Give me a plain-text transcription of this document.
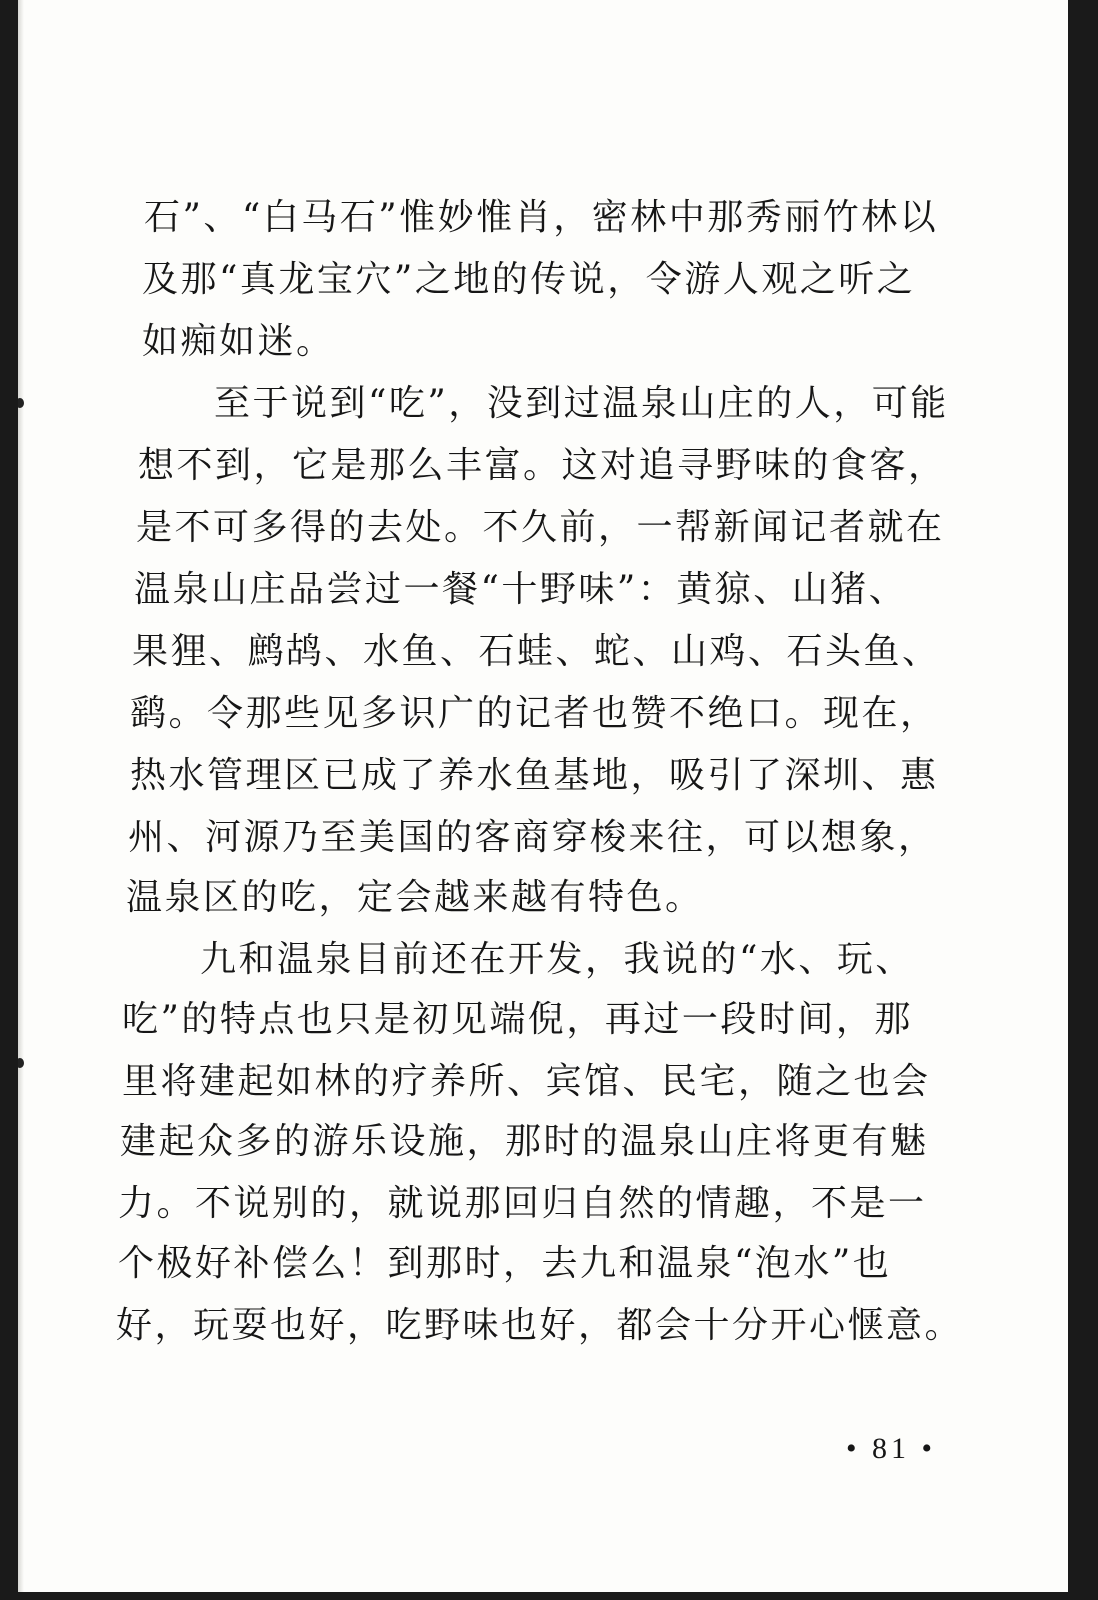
石”、“白马石”惟妙惟肖，密林中那秀丽竹林以
及那“真龙宝穴”之地的传说，令游人观之听之
如痴如迷。
至于说到“吃”，没到过温泉山庄的人，可能
想不到，它是那么丰富。这对追寻野味的食客，
是不可多得的去处。不久前，一帮新闻记者就在
温泉山庄品尝过一餐“十野味”：黄猄、山猪、
果狸、鹧鸪、水鱼、石蛙、蛇、山鸡、石头鱼、
鹞。令那些见多识广的记者也赞不绝口。现在，
热水管理区已成了养水鱼基地，吸引了深圳、惠
州、河源乃至美国的客商穿梭来往，可以想象，
温泉区的吃，定会越来越有特色。
九和温泉目前还在开发，我说的“水、玩、
吃”的特点也只是初见端倪，再过一段时间，那
里将建起如林的疗养所、宾馆、民宅，随之也会
建起众多的游乐设施，那时的温泉山庄将更有魅
力。不说别的，就说那回归自然的情趣，不是一
个极好补偿么！到那时，去九和温泉“泡水”也
好，玩耍也好，吃野味也好，都会十分开心惬意。
• 81 •
